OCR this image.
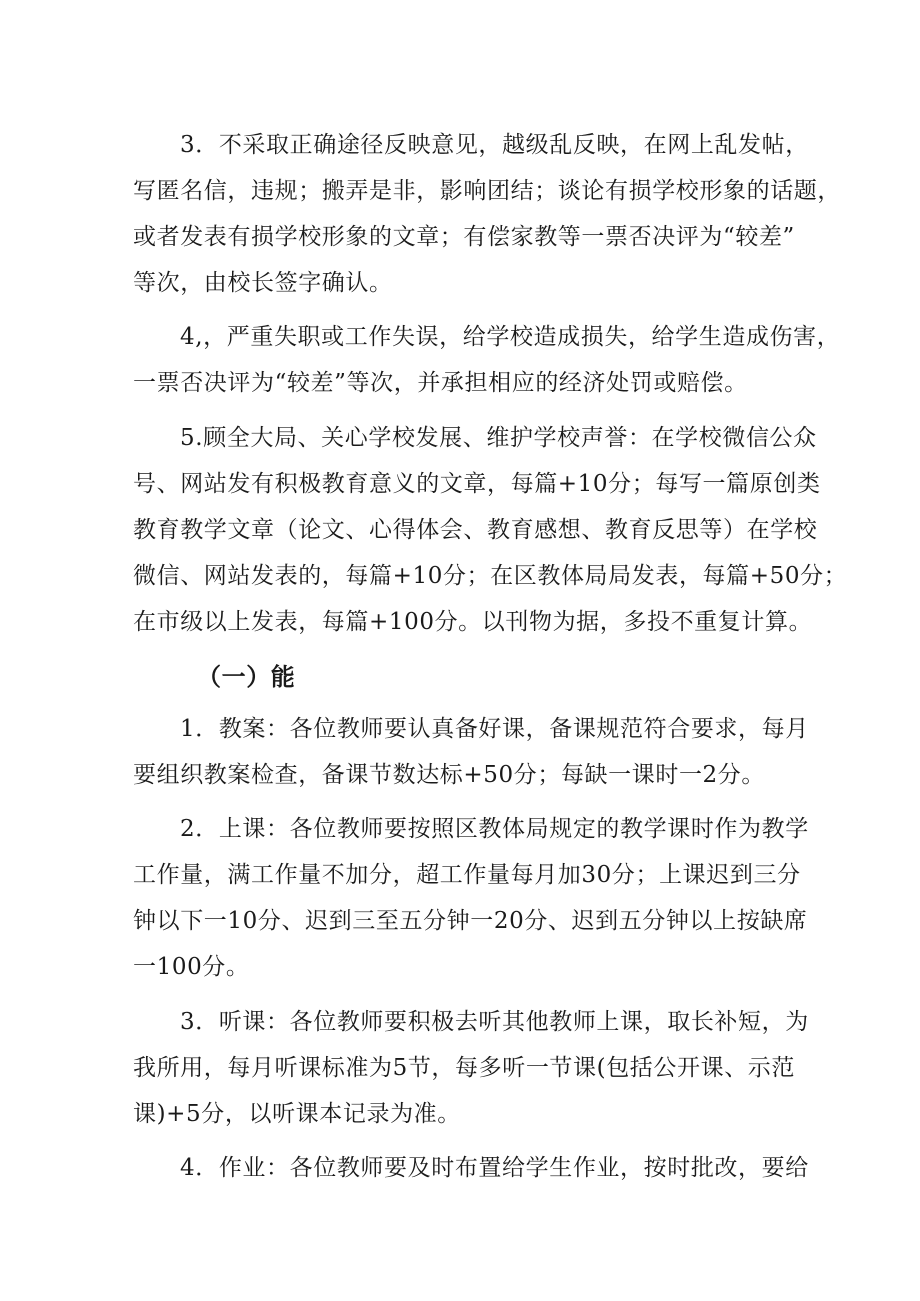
3．不采取正确途径反映意见，越级乱反映，在网上乱发帖，
写匿名信，违规；搬弄是非，影响团结；谈论有损学校形象的话题，
或者发表有损学校形象的文章；有偿家教等一票否决评为“较差”
等次，由校长签字确认。
4,，严重失职或工作失误，给学校造成损失，给学生造成伤害，
一票否决评为“较差”等次，并承担相应的经济处罚或赔偿。
5.顾全大局、关心学校发展、维护学校声誉：在学校微信公众
号、网站发有积极教育意义的文章，每篇+10分；每写一篇原创类
教育教学文章（论文、心得体会、教育感想、教育反思等）在学校
微信、网站发表的，每篇+10分；在区教体局局发表，每篇+50分；
在市级以上发表，每篇+100分。以刊物为据，多投不重复计算。
（一）能
1．教案：各位教师要认真备好课，备课规范符合要求，每月
要组织教案检查，备课节数达标+50分；每缺一课时一2分。
2．上课：各位教师要按照区教体局规定的教学课时作为教学
工作量，满工作量不加分，超工作量每月加30分；上课迟到三分
钟以下一10分、迟到三至五分钟一20分、迟到五分钟以上按缺席
一100分。
3．听课：各位教师要积极去听其他教师上课，取长补短，为
我所用，每月听课标准为5节，每多听一节课(包括公开课、示范
课)+5分，以听课本记录为准。
4．作业：各位教师要及时布置给学生作业，按时批改，要给
